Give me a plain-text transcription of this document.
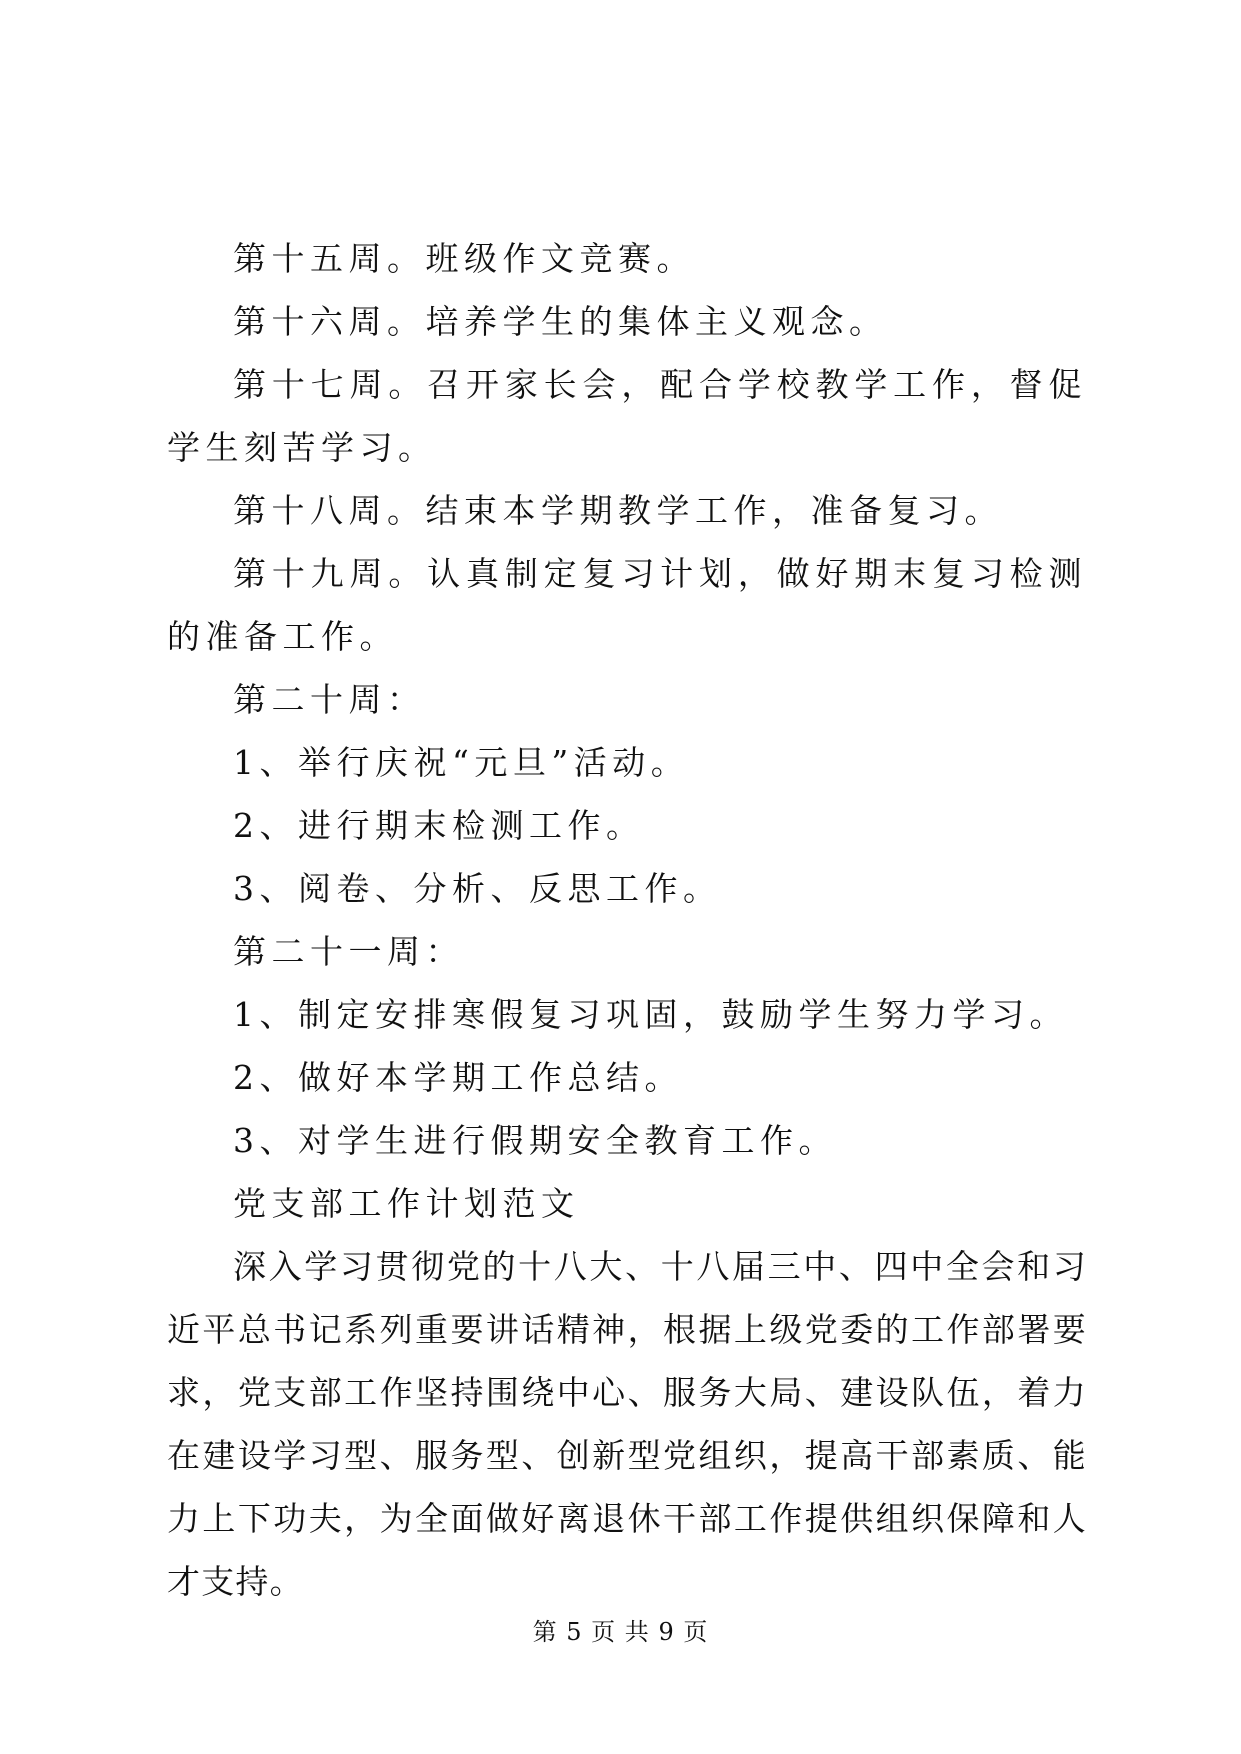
第十五周。班级作文竞赛。

第十六周。培养学生的集体主义观念。

第十七周。召开家长会，配合学校教学工作，督促学生刻苦学习。

第十八周。结束本学期教学工作，准备复习。

第十九周。认真制定复习计划，做好期末复习检测的准备工作。

第二十周：

1、举行庆祝“元旦”活动。

2、进行期末检测工作。

3、阅卷、分析、反思工作。

第二十一周：

1、制定安排寒假复习巩固，鼓励学生努力学习。

2、做好本学期工作总结。

3、对学生进行假期安全教育工作。

党支部工作计划范文

深入学习贯彻党的十八大、十八届三中、四中全会和习近平总书记系列重要讲话精神，根据上级党委的工作部署要求，党支部工作坚持围绕中心、服务大局、建设队伍，着力在建设学习型、服务型、创新型党组织，提高干部素质、能力上下功夫，为全面做好离退休干部工作提供组织保障和人才支持。

第 5 页 共 9 页
